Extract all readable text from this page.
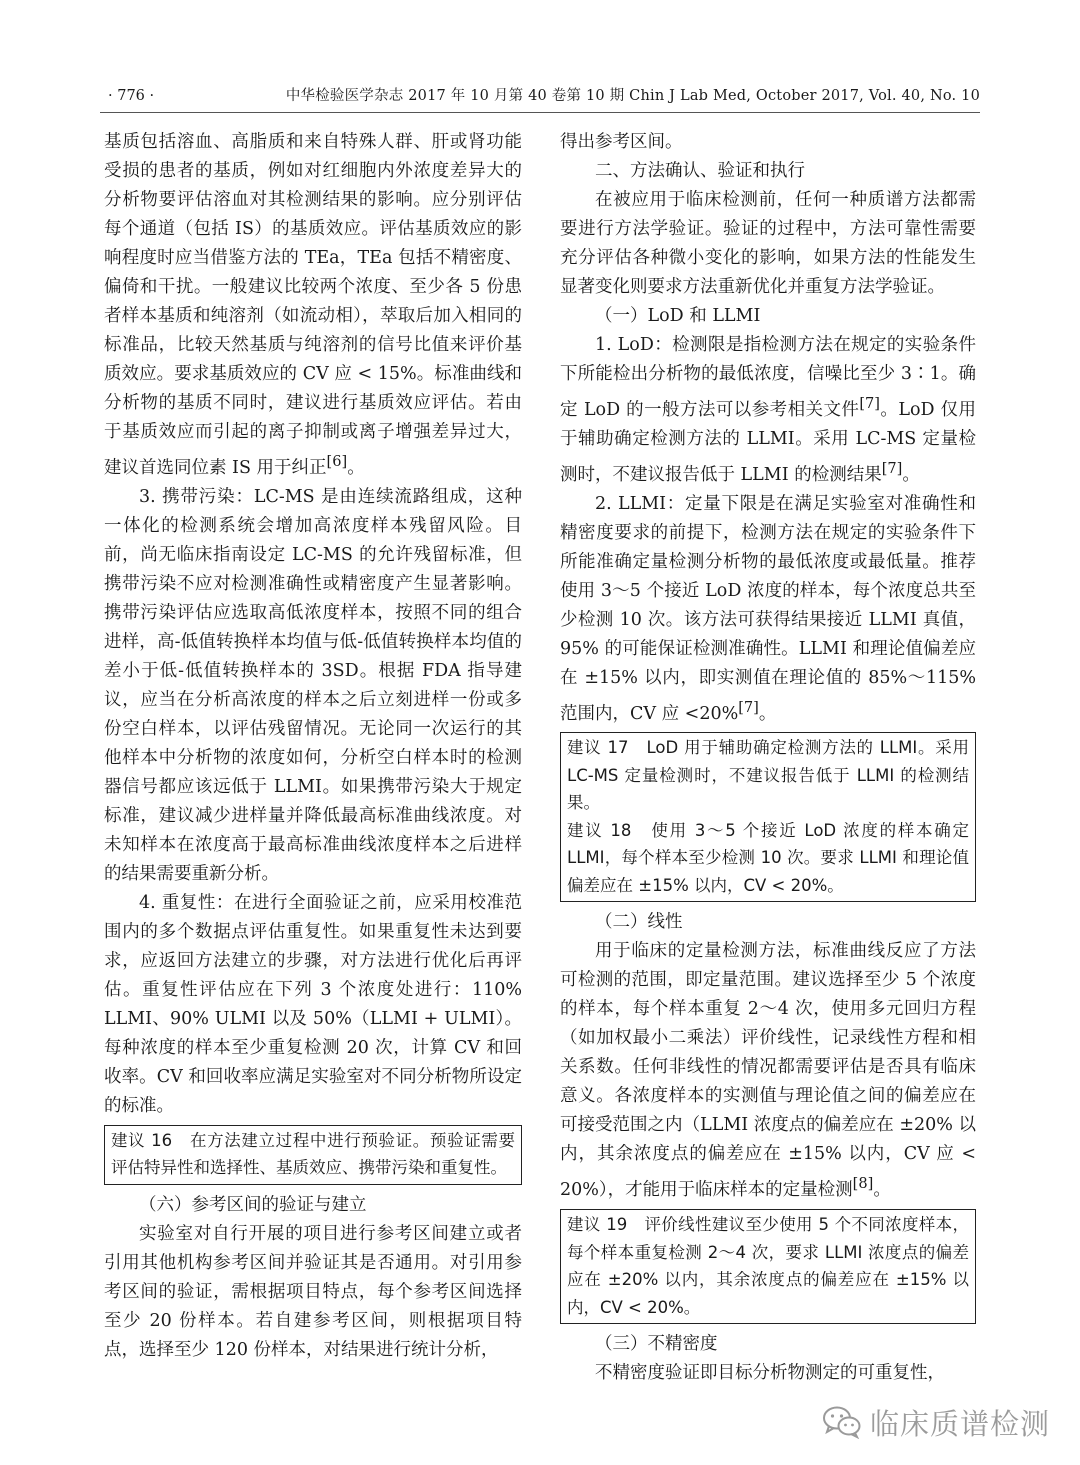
· 776 ·	中华检验医学杂志 2017 年 10 月第 40 卷第 10 期 Chin J Lab Med, October 2017, Vol. 40, No. 10

基质包括溶血、高脂质和来自特殊人群、肝或肾功能受损的患者的基质，例如对红细胞内外浓度差异大的分析物要评估溶血对其检测结果的影响。应分别评估每个通道（包括 IS）的基质效应。评估基质效应的影响程度时应当借鉴方法的 TEa，TEa 包括不精密度、偏倚和干扰。一般建议比较两个浓度、至少各 5 份患者样本基质和纯溶剂（如流动相），萃取后加入相同的标准品，比较天然基质与纯溶剂的信号比值来评价基质效应。要求基质效应的 CV 应 < 15%。标准曲线和分析物的基质不同时，建议进行基质效应评估。若由于基质效应而引起的离子抑制或离子增强差异过大，建议首选同位素 IS 用于纠正[6]。

3. 携带污染：LC-MS 是由连续流路组成，这种一体化的检测系统会增加高浓度样本残留风险。目前，尚无临床指南设定 LC-MS 的允许残留标准，但携带污染不应对检测准确性或精密度产生显著影响。携带污染评估应选取高低浓度样本，按照不同的组合进样，高-低值转换样本均值与低-低值转换样本均值的差小于低-低值转换样本的 3SD。根据 FDA 指导建议，应当在分析高浓度的样本之后立刻进样一份或多份空白样本，以评估残留情况。无论同一次运行的其他样本中分析物的浓度如何，分析空白样本时的检测器信号都应该远低于 LLMI。如果携带污染大于规定标准，建议减少进样量并降低最高标准曲线浓度。对未知样本在浓度高于最高标准曲线浓度样本之后进样的结果需要重新分析。

4. 重复性：在进行全面验证之前，应采用校准范围内的多个数据点评估重复性。如果重复性未达到要求，应返回方法建立的步骤，对方法进行优化后再评估。重复性评估应在下列 3 个浓度处进行：110% LLMI、90% ULMI 以及 50%（LLMI + ULMI）。每种浓度的样本至少重复检测 20 次，计算 CV 和回收率。CV 和回收率应满足实验室对不同分析物所设定的标准。

建议 16　在方法建立过程中进行预验证。预验证需要评估特异性和选择性、基质效应、携带污染和重复性。

（六）参考区间的验证与建立

实验室对自行开展的项目进行参考区间建立或者引用其他机构参考区间并验证其是否通用。对引用参考区间的验证，需根据项目特点，每个参考区间选择至少 20 份样本。若自建参考区间，则根据项目特点，选择至少 120 份样本，对结果进行统计分析，

得出参考区间。

二、方法确认、验证和执行

在被应用于临床检测前，任何一种质谱方法都需要进行方法学验证。验证的过程中，方法可靠性需要充分评估各种微小变化的影响，如果方法的性能发生显著变化则要求方法重新优化并重复方法学验证。

（一）LoD 和 LLMI

1. LoD：检测限是指检测方法在规定的实验条件下所能检出分析物的最低浓度，信噪比至少 3∶1。确定 LoD 的一般方法可以参考相关文件[7]。LoD 仅用于辅助确定检测方法的 LLMI。采用 LC-MS 定量检测时，不建议报告低于 LLMI 的检测结果[7]。

2. LLMI：定量下限是在满足实验室对准确性和精密度要求的前提下，检测方法在规定的实验条件下所能准确定量检测分析物的最低浓度或最低量。推荐使用 3～5 个接近 LoD 浓度的样本，每个浓度总共至少检测 10 次。该方法可获得结果接近 LLMI 真值，95% 的可能保证检测准确性。LLMI 和理论值偏差应在 ±15% 以内，即实测值在理论值的 85%～115% 范围内，CV 应 <20%[7]。

建议 17　LoD 用于辅助确定检测方法的 LLMI。采用 LC-MS 定量检测时，不建议报告低于 LLMI 的检测结果。

建议 18　使用 3～5 个接近 LoD 浓度的样本确定 LLMI，每个样本至少检测 10 次。要求 LLMI 和理论值偏差应在 ±15% 以内，CV < 20%。

（二）线性

用于临床的定量检测方法，标准曲线反应了方法可检测的范围，即定量范围。建议选择至少 5 个浓度的样本，每个样本重复 2～4 次，使用多元回归方程（如加权最小二乘法）评价线性，记录线性方程和相关系数。任何非线性的情况都需要评估是否具有临床意义。各浓度样本的实测值与理论值之间的偏差应在可接受范围之内（LLMI 浓度点的偏差应在 ±20% 以内，其余浓度点的偏差应在 ±15% 以内，CV 应 < 20%），才能用于临床样本的定量检测[8]。

建议 19　评价线性建议至少使用 5 个不同浓度样本，每个样本重复检测 2～4 次，要求 LLMI 浓度点的偏差应在 ±20% 以内，其余浓度点的偏差应在 ±15% 以内，CV < 20%。

（三）不精密度

不精密度验证即目标分析物测定的可重复性，

临床质谱检测
